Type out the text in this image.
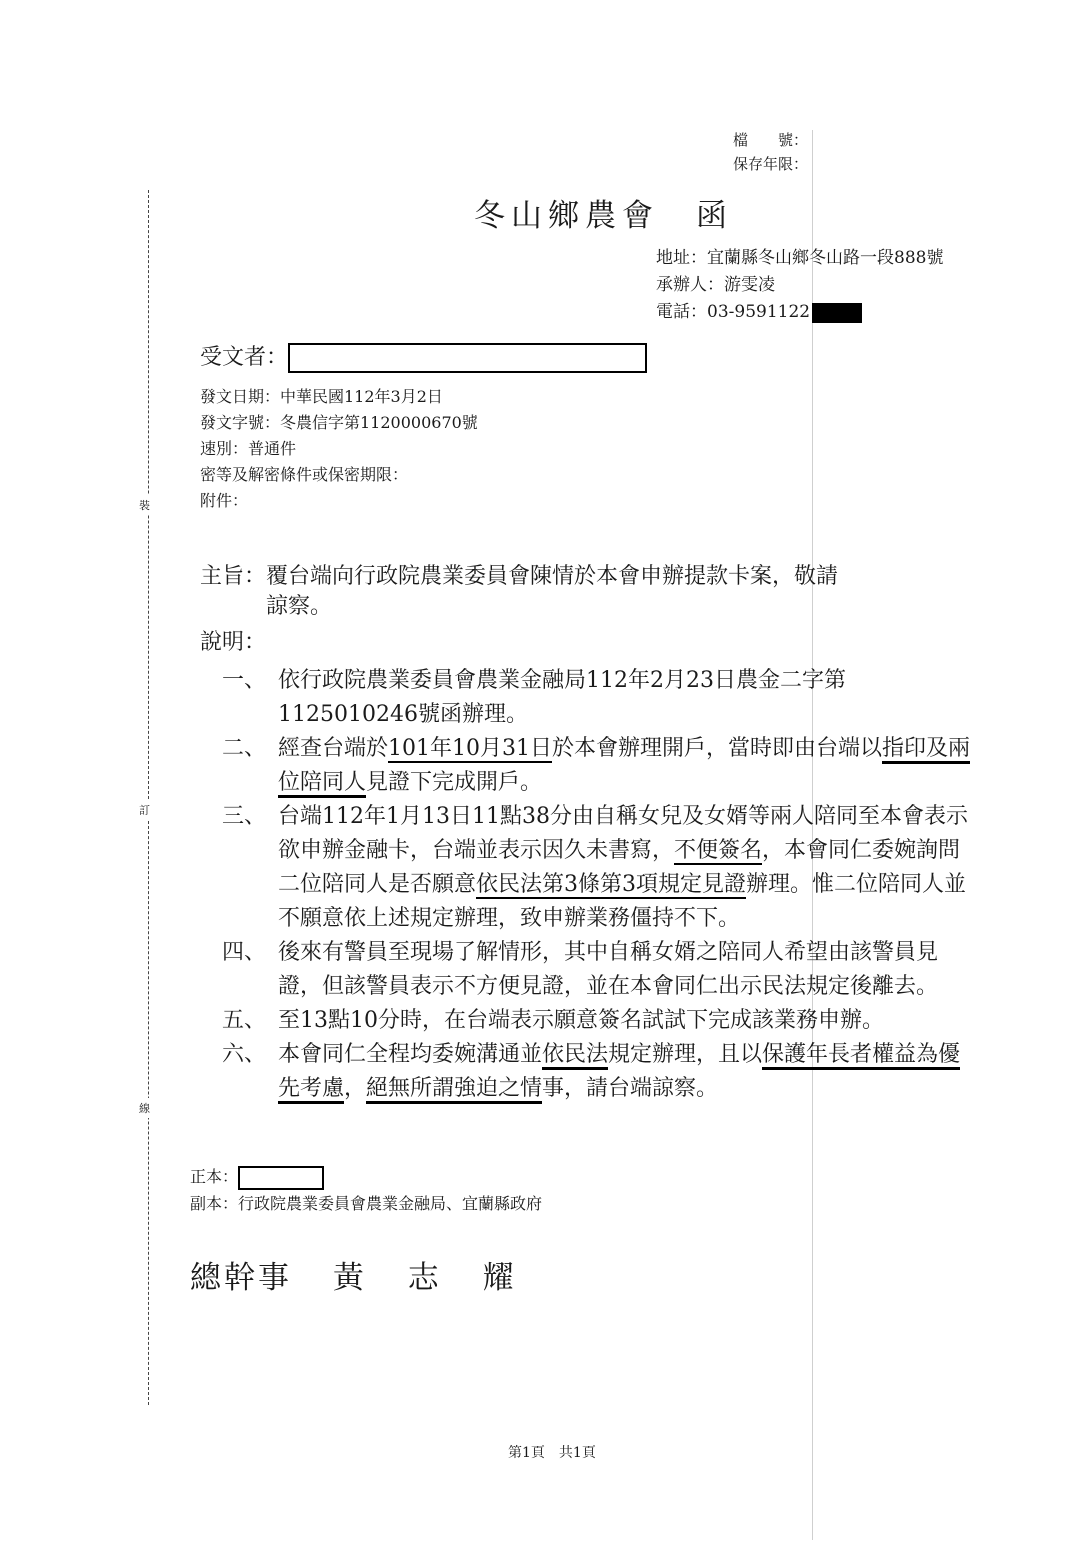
裝
訂
線
檔　　號：
保存年限：
冬山鄉農會　函
地址：宜蘭縣冬山鄉冬山路一段888號
承辦人：游雯凌
電話：03-9591122
受文者：
發文日期：中華民國112年3月2日
發文字號：冬農信字第1120000670號
速別：普通件
密等及解密條件或保密期限：
附件：
主旨： 覆台端向行政院農業委員會陳情於本會申辦提款卡案，敬請
諒察。
說明：
一、 依行政院農業委員會農業金融局112年2月23日農金二字第1125010246號函辦理。
二、 經查台端於101年10月31日於本會辦理開戶，當時即由台端以指印及兩位陪同人見證下完成開戶。
三、 台端112年1月13日11點38分由自稱女兒及女婿等兩人陪同至本會表示欲申辦金融卡，台端並表示因久未書寫，不便簽名，本會同仁委婉詢問二位陪同人是否願意依民法第3條第3項規定見證辦理。惟二位陪同人並不願意依上述規定辦理，致申辦業務僵持不下。
四、 後來有警員至現場了解情形，其中自稱女婿之陪同人希望由該警員見證，但該警員表示不方便見證，並在本會同仁出示民法規定後離去。
五、 至13點10分時，在台端表示願意簽名試試下完成該業務申辦。
六、 本會同仁全程均委婉溝通並依民法規定辦理，且以保護年長者權益為優先考慮，絕無所謂強迫之情事，請台端諒察。
正本：
副本：行政院農業委員會農業金融局、宜蘭縣政府
總幹事 黃 志 耀
第1頁　共1頁
